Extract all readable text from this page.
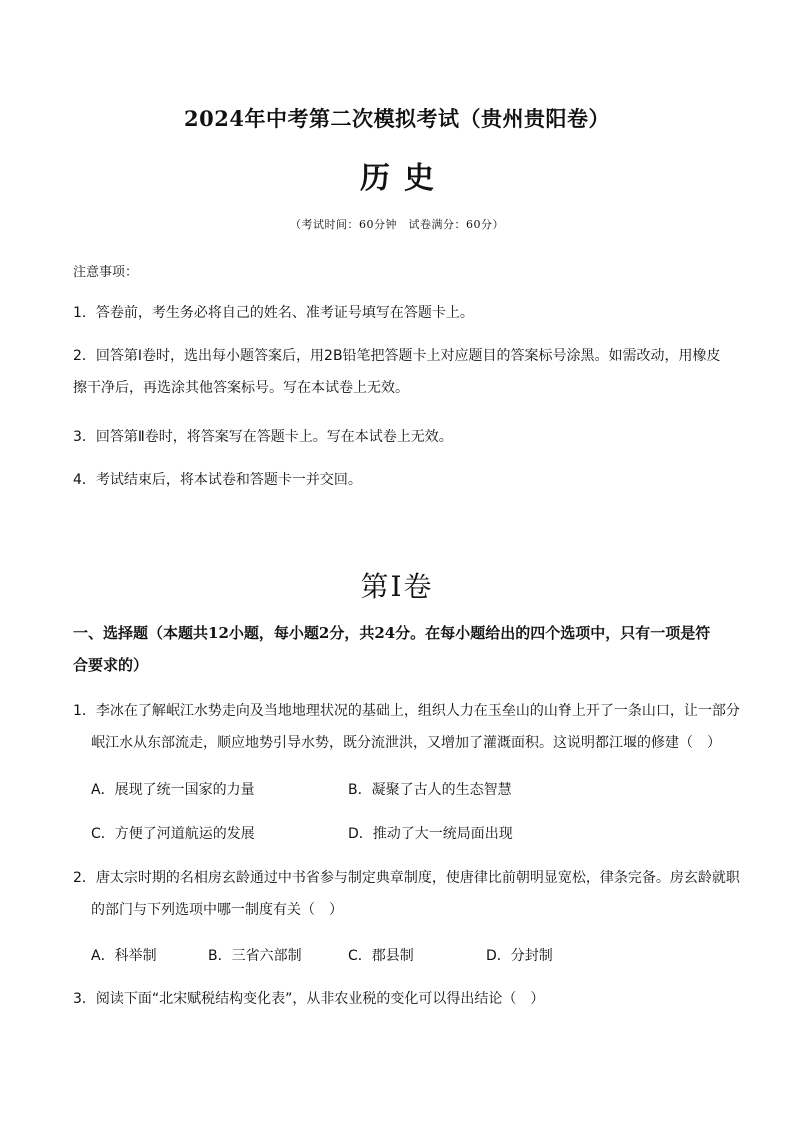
2024年中考第二次模拟考试（贵州贵阳卷）
历史
（考试时间：60分钟　试卷满分：60分）
注意事项：
1．答卷前，考生务必将自己的姓名、准考证号填写在答题卡上。
2．回答第Ⅰ卷时，选出每小题答案后，用2B铅笔把答题卡上对应题目的答案标号涂黑。如需改动，用橡皮擦干净后，再选涂其他答案标号。写在本试卷上无效。
3．回答第Ⅱ卷时，将答案写在答题卡上。写在本试卷上无效。
4．考试结束后，将本试卷和答题卡一并交回。
第Ⅰ卷
一、选择题（本题共12小题，每小题2分，共24分。在每小题给出的四个选项中，只有一项是符合要求的）
1．李冰在了解岷江水势走向及当地地理状况的基础上，组织人力在玉垒山的山脊上开了一条山口，让一部分岷江水从东部流走，顺应地势引导水势，既分流泄洪，又增加了灌溉面积。这说明都江堰的修建（　）
A．展现了统一国家的力量	B．凝聚了古人的生态智慧
C．方便了河道航运的发展	D．推动了大一统局面出现
2．唐太宗时期的名相房玄龄通过中书省参与制定典章制度，使唐律比前朝明显宽松，律条完备。房玄龄就职的部门与下列选项中哪一制度有关（　）
A．科举制	B．三省六部制	C．郡县制	D．分封制
3．阅读下面“北宋赋税结构变化表”，从非农业税的变化可以得出结论（　）
